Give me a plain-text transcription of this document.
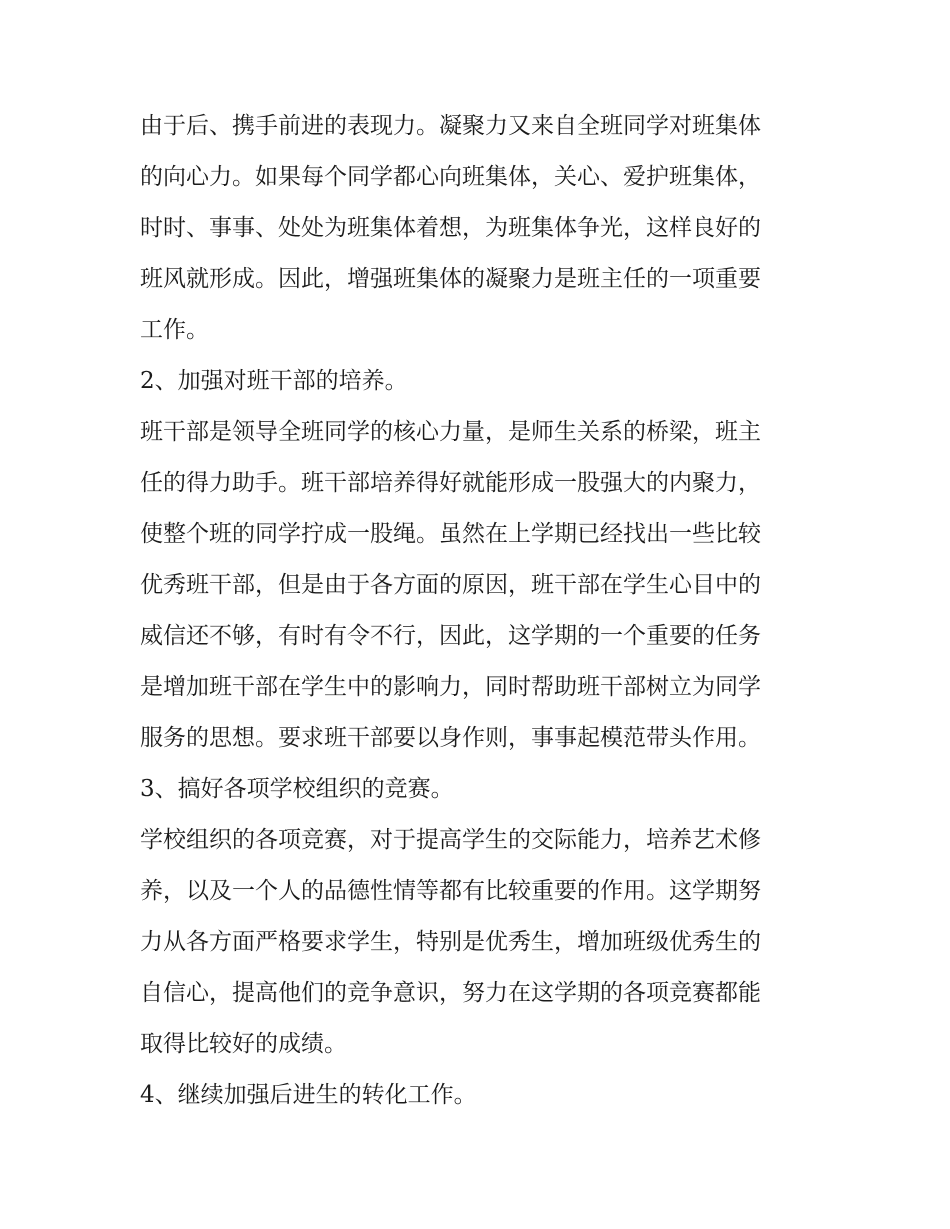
由于后、携手前进的表现力。凝聚力又来自全班同学对班集体
的向心力。如果每个同学都心向班集体，关心、爱护班集体，
时时、事事、处处为班集体着想，为班集体争光，这样良好的
班风就形成。因此，增强班集体的凝聚力是班主任的一项重要
工作。
2、加强对班干部的培养。
班干部是领导全班同学的核心力量，是师生关系的桥梁，班主
任的得力助手。班干部培养得好就能形成一股强大的内聚力，
使整个班的同学拧成一股绳。虽然在上学期已经找出一些比较
优秀班干部，但是由于各方面的原因，班干部在学生心目中的
威信还不够，有时有令不行，因此，这学期的一个重要的任务
是增加班干部在学生中的影响力，同时帮助班干部树立为同学
服务的思想。要求班干部要以身作则，事事起模范带头作用。
3、搞好各项学校组织的竞赛。
学校组织的各项竞赛，对于提高学生的交际能力，培养艺术修
养，以及一个人的品德性情等都有比较重要的作用。这学期努
力从各方面严格要求学生，特别是优秀生，增加班级优秀生的
自信心，提高他们的竞争意识，努力在这学期的各项竞赛都能
取得比较好的成绩。
4、继续加强后进生的转化工作。
